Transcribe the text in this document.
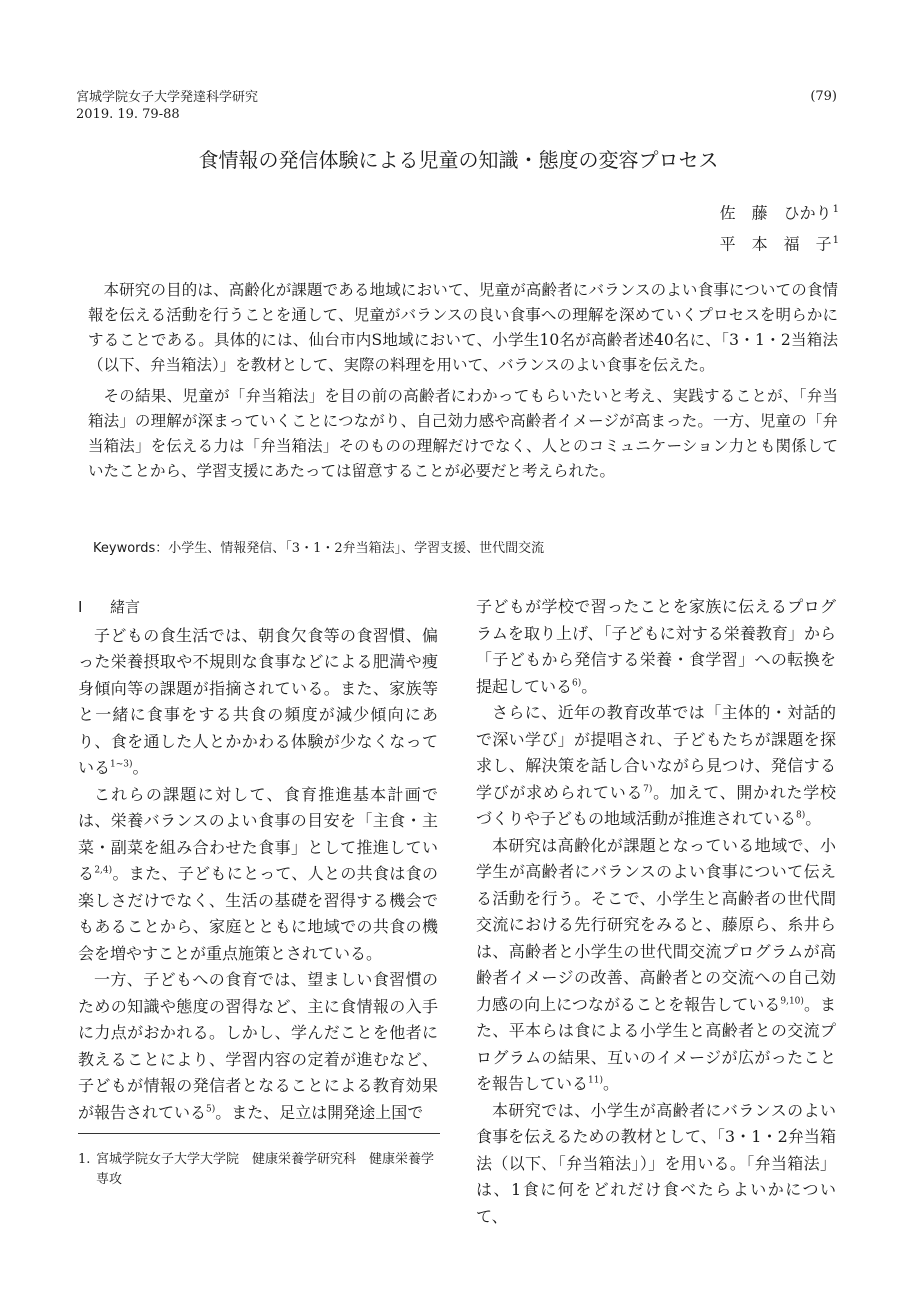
宮城学院女子大学発達科学研究
2019. 19. 79-88
(79)
食情報の発信体験による児童の知識・態度の変容プロセス
佐　藤　ひかり$^1$
平　本　福　子$^1$

本研究の目的は、高齢化が課題である地域において、児童が高齢者にバランスのよい食事についての食情報を伝える活動を行うことを通して、児童がバランスの良い食事への理解を深めていくプロセスを明らかにすることである。具体的には、仙台市内S地域において、小学生10名が高齢者述40名に、「3・1・2当箱法（以下、弁当箱法）」を教材として、実際の料理を用いて、バランスのよい食事を伝えた。

その結果、児童が「弁当箱法」を目の前の高齢者にわかってもらいたいと考え、実践することが、「弁当箱法」の理解が深まっていくことにつながり、自己効力感や高齢者イメージが高まった。一方、児童の「弁当箱法」を伝える力は「弁当箱法」そのものの理解だけでなく、人とのコミュニケーション力とも関係していたことから、学習支援にあたっては留意することが必要だと考えられた。

Keywords：小学生、情報発信、「3・1・2弁当箱法」、学習支援、世代間交流
Ⅰ 緒言

子どもの食生活では、朝食欠食等の食習慣、偏った栄養摂取や不規則な食事などによる肥満や痩身傾向等の課題が指摘されている。また、家族等と一緒に食事をする共食の頻度が減少傾向にあり、食を通した人とかかわる体験が少なくなっている$^{1\sim 3)}$。

これらの課題に対して、食育推進基本計画では、栄養バランスのよい食事の目安を「主食・主菜・副菜を組み合わせた食事」として推進している$^{2,4)}$。また、子どもにとって、人との共食は食の楽しさだけでなく、生活の基礎を習得する機会でもあることから、家庭とともに地域での共食の機会を増やすことが重点施策とされている。

一方、子どもへの食育では、望ましい食習慣のための知識や態度の習得など、主に食情報の入手に力点がおかれる。しかし、学んだことを他者に教えることにより、学習内容の定着が進むなど、子どもが情報の発信者となることによる教育効果が報告されている$^{5)}$。また、足立は開発途上国で

1. 宮城学院女子大学大学院　健康栄養学研究科　健康栄養学専攻

子どもが学校で習ったことを家族に伝えるプログラムを取り上げ、「子どもに対する栄養教育」から「子どもから発信する栄養・食学習」への転換を提起している$^{6)}$。

さらに、近年の教育改革では「主体的・対話的で深い学び」が提唱され、子どもたちが課題を探求し、解決策を話し合いながら見つけ、発信する学びが求められている$^{7)}$。加えて、開かれた学校づくりや子どもの地域活動が推進されている$^{8)}$。

本研究は高齢化が課題となっている地域で、小学生が高齢者にバランスのよい食事について伝える活動を行う。そこで、小学生と高齢者の世代間交流における先行研究をみると、藤原ら、糸井らは、高齢者と小学生の世代間交流プログラムが高齢者イメージの改善、高齢者との交流への自己効力感の向上につながることを報告している$^{9,10)}$。また、平本らは食による小学生と高齢者との交流プログラムの結果、互いのイメージが広がったことを報告している$^{11)}$。

本研究では、小学生が高齢者にバランスのよい食事を伝えるための教材として、「3・1・2弁当箱法（以下､「弁当箱法」）」を用いる。「弁当箱法」は、1食に何をどれだけ食べたらよいかについて、
